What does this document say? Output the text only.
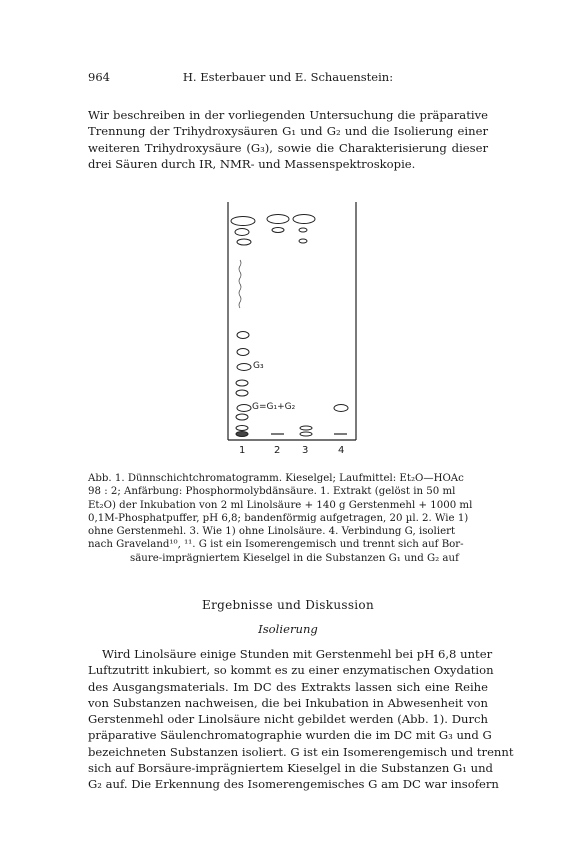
964	H. Esterbauer und E. Schauenstein:
Wir beschreiben in der vorliegenden Untersuchung die präparative
Trennung der Trihydroxysäuren G₁ und G₂ und die Isolierung einer
weiteren Trihydroxysäure (G₃), sowie die Charakterisierung dieser
drei Säuren durch IR, NMR- und Massenspektroskopie.
G₃
G=G₁+G₂
1	2 3	4
Abb. 1. Dünnschichtchromatogramm. Kieselgel; Laufmittel: Et₂O—HOAc
98 : 2; Anfärbung: Phosphormolybdänsäure. 1. Extrakt (gelöst in 50 ml
Et₂O) der Inkubation von 2 ml Linolsäure + 140 g Gerstenmehl + 1000 ml
0,1M-Phosphatpuffer, pH 6,8; bandenförmig aufgetragen, 20 µl. 2. Wie 1)
ohne Gerstenmehl. 3. Wie 1) ohne Linolsäure. 4. Verbindung G, isoliert
nach Graveland¹⁰, ¹¹. G ist ein Isomerengemisch und trennt sich auf Bor-
säure-imprägniertem Kieselgel in die Substanzen G₁ und G₂ auf
Ergebnisse und Diskussion
Isolierung
Wird Linolsäure einige Stunden mit Gerstenmehl bei pH 6,8 unter
Luftzutritt inkubiert, so kommt es zu einer enzymatischen Oxydation
des Ausgangsmaterials. Im DC des Extrakts lassen sich eine Reihe
von Substanzen nachweisen, die bei Inkubation in Abwesenheit von
Gerstenmehl oder Linolsäure nicht gebildet werden (Abb. 1). Durch
präparative Säulenchromatographie wurden die im DC mit G₃ und G
bezeichneten Substanzen isoliert. G ist ein Isomerengemisch und trennt
sich auf Borsäure-imprägniertem Kieselgel in die Substanzen G₁ und
G₂ auf. Die Erkennung des Isomerengemisches G am DC war insofern
